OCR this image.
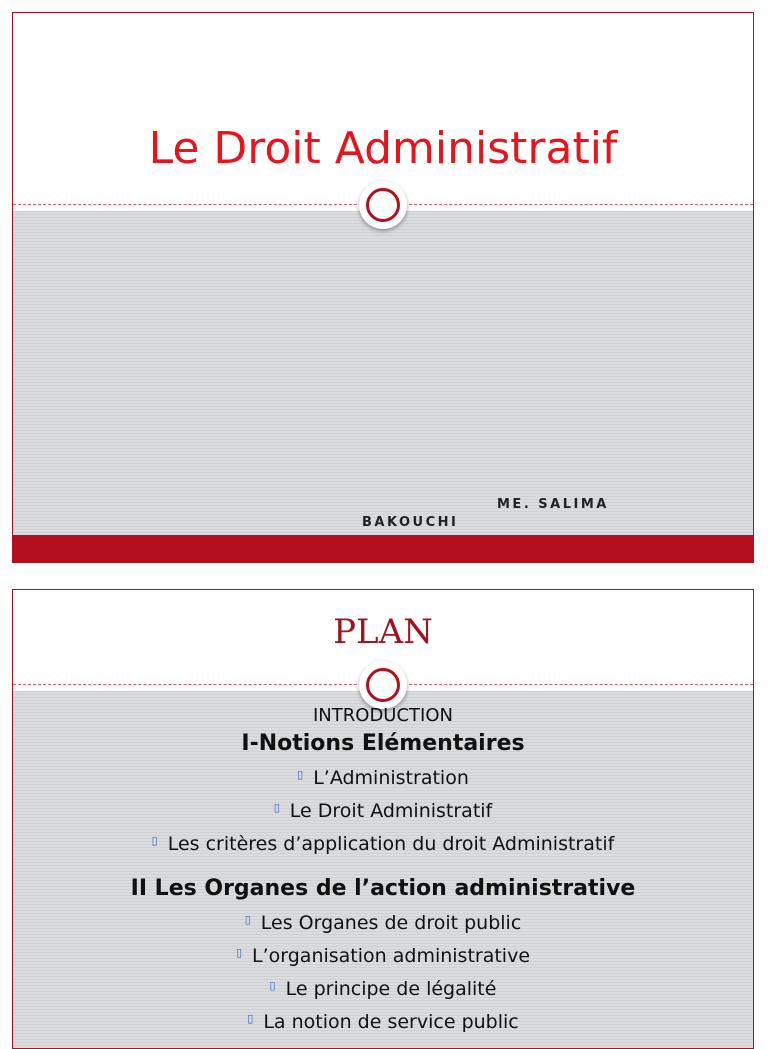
Le Droit Administratif
ME. SALIMA
BAKOUCHI
PLAN

INTRODUCTION

I-Notions Elémentaires

▯ L’Administration

▯ Le Droit Administratif

▯ Les critères d’application du droit Administratif

II Les Organes de l’action administrative

▯ Les Organes de droit public

▯ L’organisation administrative

▯ Le principe de légalité

▯ La notion de service public
